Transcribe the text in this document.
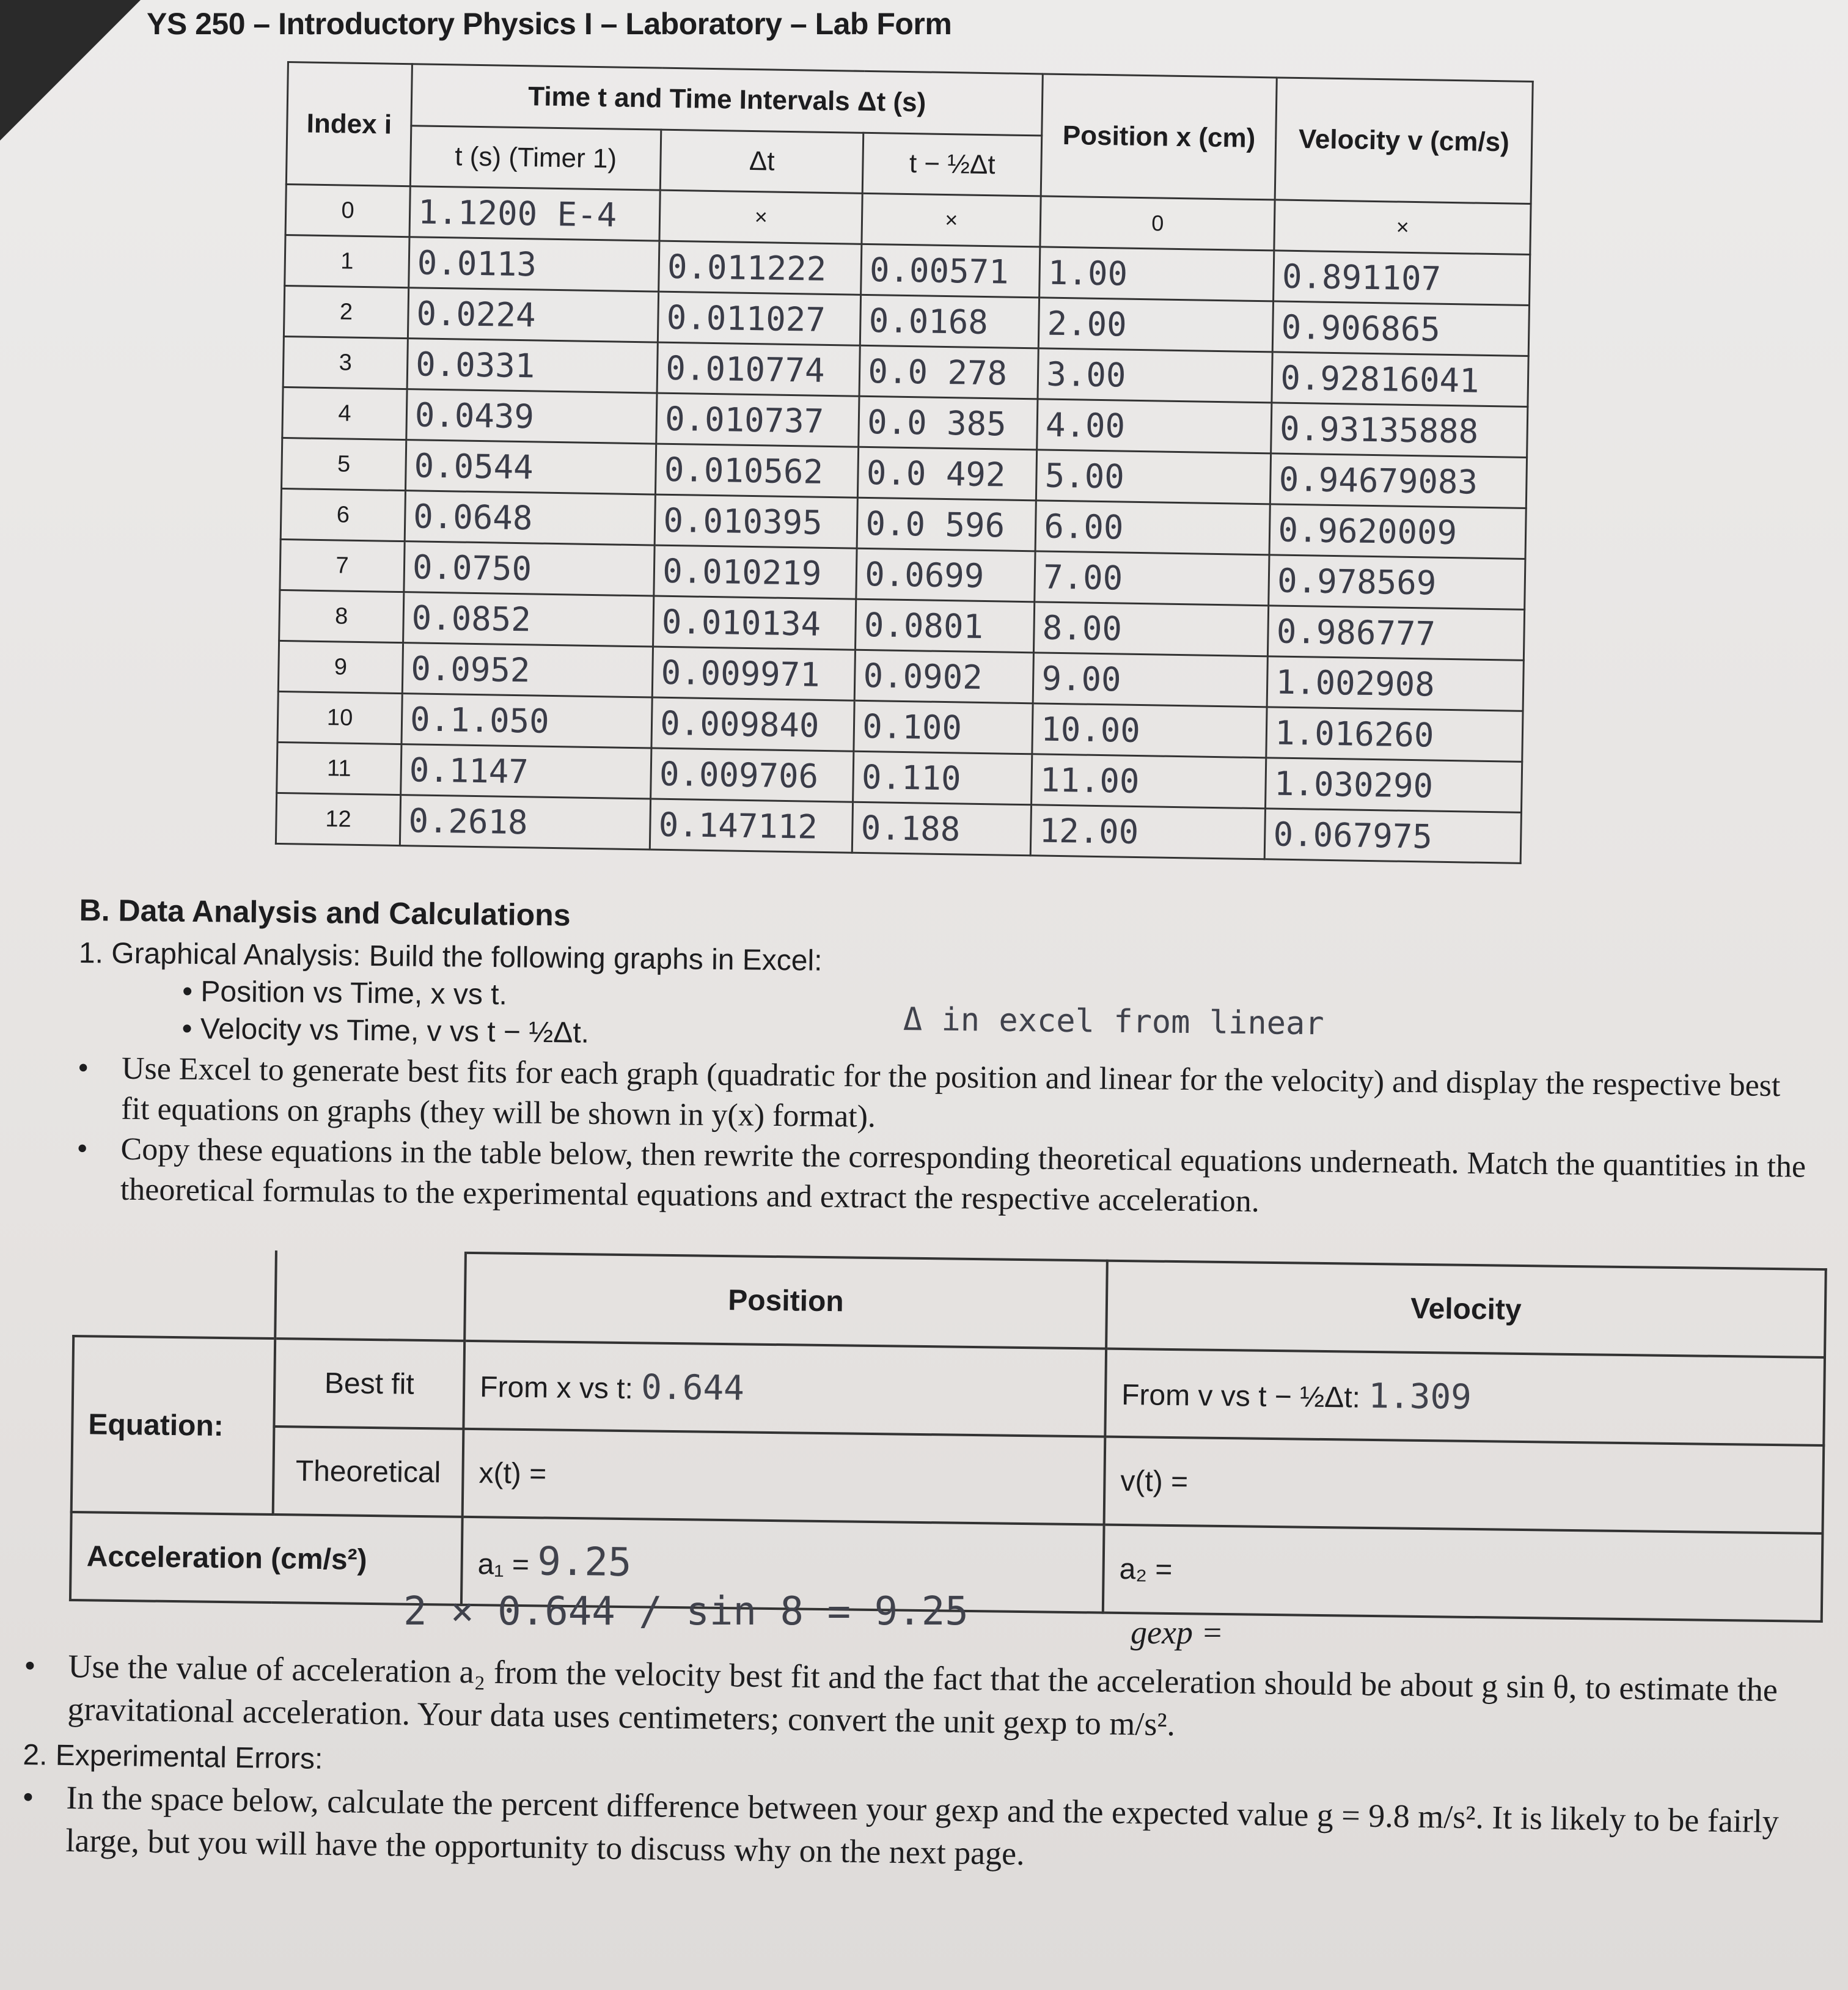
YS 250 – Introductory Physics I – Laboratory – Lab Form
Index i	Time t and Time Intervals Δt (s)			Position x (cm)	Velocity v (cm/s)
	t (s) (Timer 1)	Δt	t − ½Δt		
0	1.1200 E-4	×	×	0	×
1	0.0113	0.011222	0.00571	1.00	0.891107
2	0.0224	0.011027	0.0168	2.00	0.906865
3	0.0331	0.010774	0.0 278	3.00	0.92816041
4	0.0439	0.010737	0.0 385	4.00	0.93135888
5	0.0544	0.010562	0.0 492	5.00	0.94679083
6	0.0648	0.010395	0.0 596	6.00	0.9620009
7	0.0750	0.010219	0.0699	7.00	0.978569
8	0.0852	0.010134	0.0801	8.00	0.986777
9	0.0952	0.009971	0.0902	9.00	1.002908
10	0.1.050	0.009840	0.100	10.00	1.016260
11	0.1147	0.009706	0.110	11.00	1.030290
12	0.2618	0.147112	0.188	12.00	0.067975
B. Data Analysis and Calculations
1. Graphical Analysis: Build the following graphs in Excel:
• Position vs Time, x vs t.
• Velocity vs Time, v vs t − ½Δt.	Δ in excel from linear
• Use Excel to generate best fits for each graph (quadratic for the position and linear for the velocity) and display the respective best fit equations on graphs (they will be shown in y(x) format).
• Copy these equations in the table below, then rewrite the corresponding theoretical equations underneath. Match the quantities in the theoretical formulas to the experimental equations and extract the respective acceleration.
		Position	Velocity
Equation:	Best fit	From x vs t: 0.644	From v vs t − ½Δt: 1.309
	Theoretical	x(t) =	v(t) =
Acceleration (cm/s²)		a₁ = 9.25	a₂ =
2 × 0.644 / sin 8 = 9.25	gexp =
• Use the value of acceleration a₂ from the velocity best fit and the fact that the acceleration should be about g sin θ, to estimate the gravitational acceleration. Your data uses centimeters; convert the unit gexp to m/s².
2. Experimental Errors:
• In the space below, calculate the percent difference between your gexp and the expected value g = 9.8 m/s². It is likely to be fairly large, but you will have the opportunity to discuss why on the next page.
